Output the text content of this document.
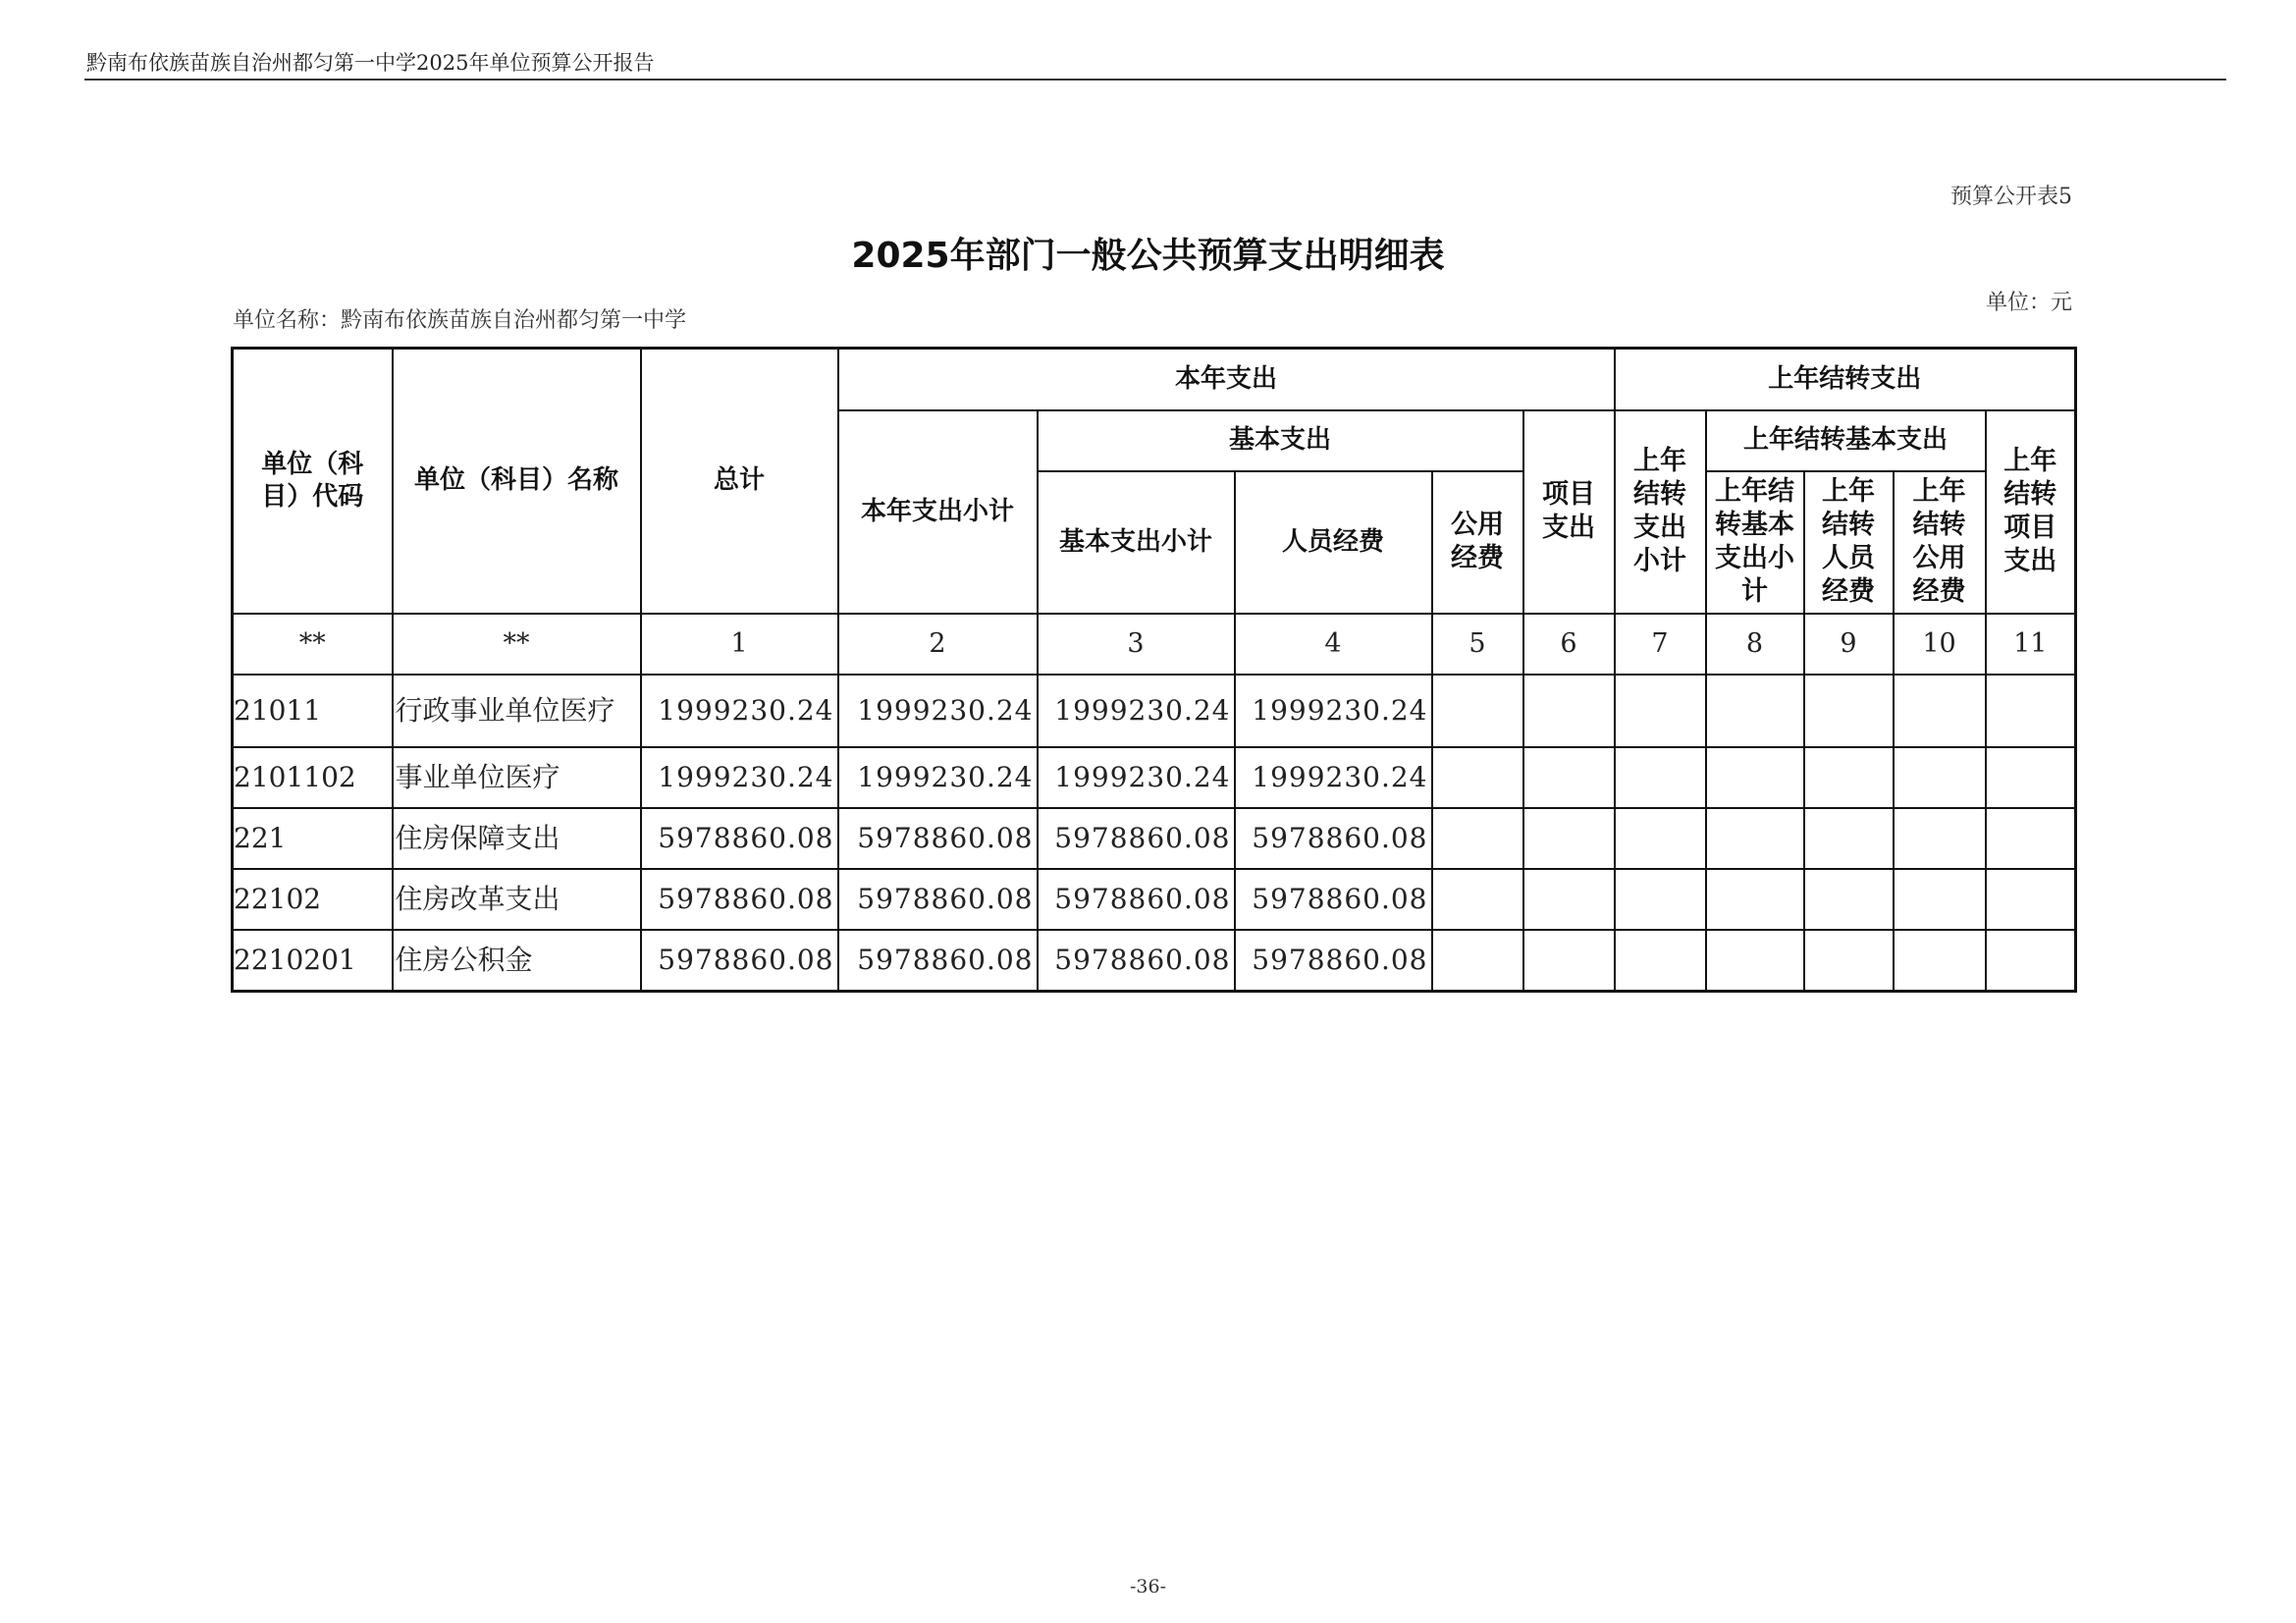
黔南布依族苗族自治州都匀第一中学2025年单位预算公开报告
预算公开表5
2025年部门一般公共预算支出明细表
单位：元
单位名称：黔南布依族苗族自治州都匀第一中学
单位（科目）代码	单位（科目）名称	总计	本年支出					上年结转支出				
			本年支出小计	基本支出			项目支出	上年结转支出小计	上年结转基本支出			上年结转项目支出

				基本支出小计	人员经费	公用经费			上年结转基本支出小计	上年结转人员经费	上年结转公用经费	

**	**	1	2	3	4	5	6	7	8	9	10	11
21011	行政事业单位医疗	1999230.24	1999230.24	1999230.24	1999230.24							
2101102	事业单位医疗	1999230.24	1999230.24	1999230.24	1999230.24							
221	住房保障支出	5978860.08	5978860.08	5978860.08	5978860.08							
22102	住房改革支出	5978860.08	5978860.08	5978860.08	5978860.08							
2210201	住房公积金	5978860.08	5978860.08	5978860.08	5978860.08							
-36-
